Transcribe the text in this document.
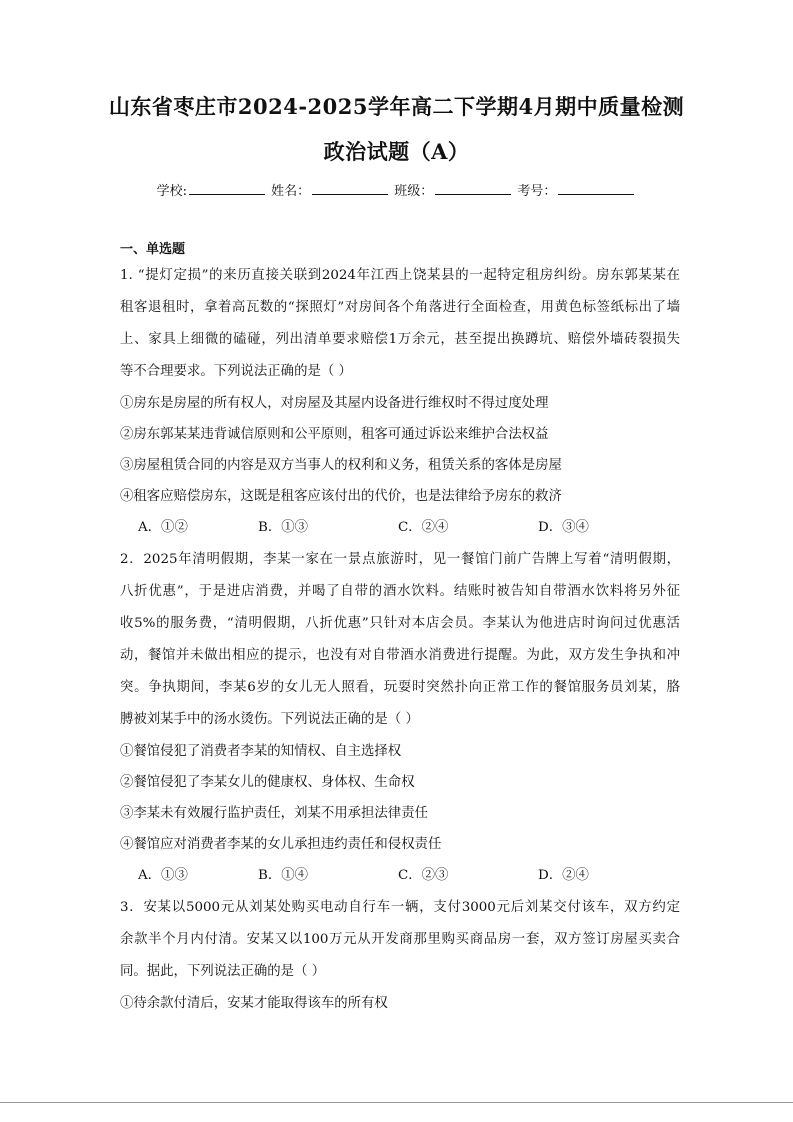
山东省枣庄市2024-2025学年高二下学期4月期中质量检测
政治试题（A）
学校:	姓名：	班级：	考号：
一、单选题
1. “提灯定损”的来历直接关联到2024年江西上饶某县的一起特定租房纠纷。房东郭某某在
租客退租时，拿着高瓦数的“探照灯”对房间各个角落进行全面检查，用黄色标签纸标出了墙
上、家具上细微的磕碰，列出清单要求赔偿1万余元，甚至提出换蹲坑、赔偿外墙砖裂损失
等不合理要求。下列说法正确的是（ ）
①房东是房屋的所有权人，对房屋及其屋内设备进行维权时不得过度处理
②房东郭某某违背诚信原则和公平原则，租客可通过诉讼来维护合法权益
③房屋租赁合同的内容是双方当事人的权利和义务，租赁关系的客体是房屋
④租客应赔偿房东，这既是租客应该付出的代价，也是法律给予房东的救济
A．①②	B．①③	C．②④	D．③④
2．2025年清明假期，李某一家在一景点旅游时，见一餐馆门前广告牌上写着“清明假期，
八折优惠”，于是进店消费，并喝了自带的酒水饮料。结账时被告知自带酒水饮料将另外征
收5%的服务费，“清明假期，八折优惠”只针对本店会员。李某认为他进店时询问过优惠活
动，餐馆并未做出相应的提示，也没有对自带酒水消费进行提醒。为此，双方发生争执和冲
突。争执期间，李某6岁的女儿无人照看，玩耍时突然扑向正常工作的餐馆服务员刘某，胳
膊被刘某手中的汤水烫伤。下列说法正确的是（ ）
①餐馆侵犯了消费者李某的知情权、自主选择权
②餐馆侵犯了李某女儿的健康权、身体权、生命权
③李某未有效履行监护责任，刘某不用承担法律责任
④餐馆应对消费者李某的女儿承担违约责任和侵权责任
A．①③	B．①④	C．②③	D．②④
3．安某以5000元从刘某处购买电动自行车一辆，支付3000元后刘某交付该车，双方约定
余款半个月内付清。安某又以100万元从开发商那里购买商品房一套，双方签订房屋买卖合
同。据此，下列说法正确的是（ ）
①待余款付清后，安某才能取得该车的所有权
